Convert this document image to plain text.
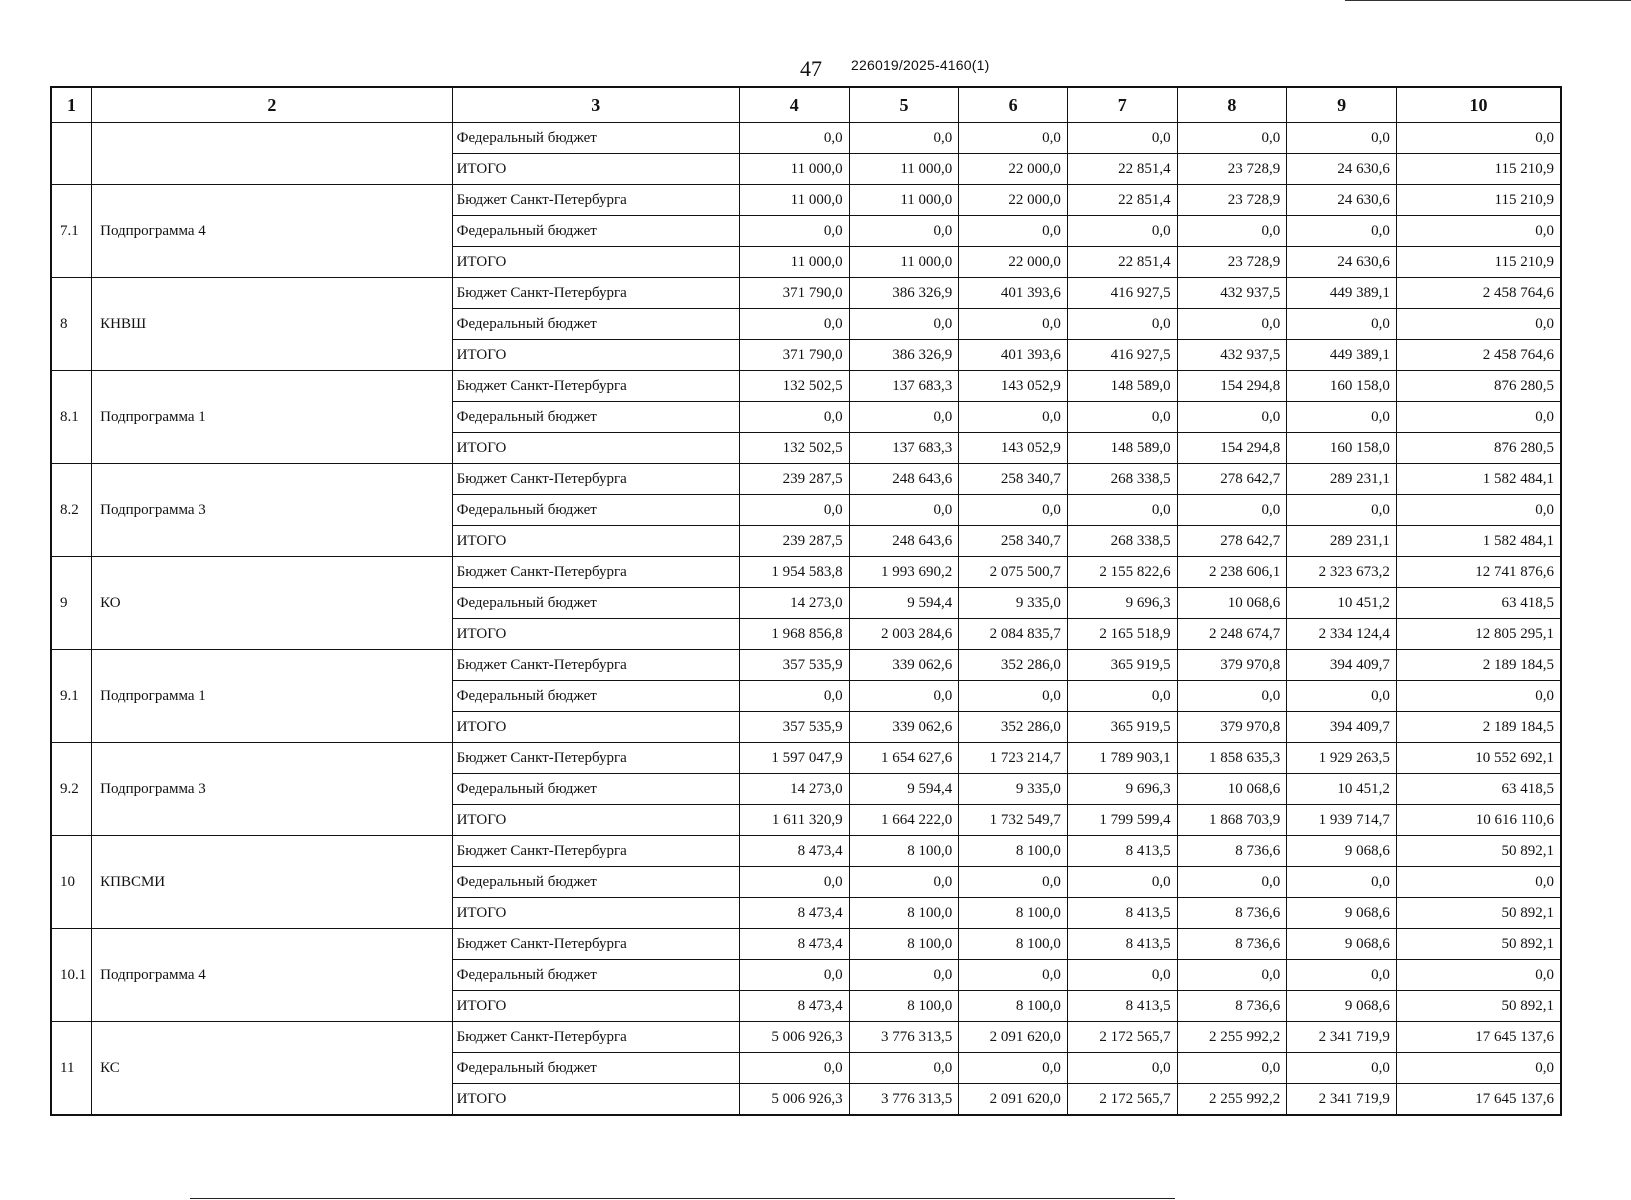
47 226019/2025-4160(1)
1	2	3	4	5	6	7	8	9	10
		Федеральный бюджет	0,0	0,0	0,0	0,0	0,0	0,0	0,0
		ИТОГО	11 000,0	11 000,0	22 000,0	22 851,4	23 728,9	24 630,6	115 210,9
7.1	Подпрограмма 4	Бюджет Санкт-Петербурга	11 000,0	11 000,0	22 000,0	22 851,4	23 728,9	24 630,6	115 210,9
		Федеральный бюджет	0,0	0,0	0,0	0,0	0,0	0,0	0,0
		ИТОГО	11 000,0	11 000,0	22 000,0	22 851,4	23 728,9	24 630,6	115 210,9
8	КНВШ	Бюджет Санкт-Петербурга	371 790,0	386 326,9	401 393,6	416 927,5	432 937,5	449 389,1	2 458 764,6
		Федеральный бюджет	0,0	0,0	0,0	0,0	0,0	0,0	0,0
		ИТОГО	371 790,0	386 326,9	401 393,6	416 927,5	432 937,5	449 389,1	2 458 764,6
8.1	Подпрограмма 1	Бюджет Санкт-Петербурга	132 502,5	137 683,3	143 052,9	148 589,0	154 294,8	160 158,0	876 280,5
		Федеральный бюджет	0,0	0,0	0,0	0,0	0,0	0,0	0,0
		ИТОГО	132 502,5	137 683,3	143 052,9	148 589,0	154 294,8	160 158,0	876 280,5
8.2	Подпрограмма 3	Бюджет Санкт-Петербурга	239 287,5	248 643,6	258 340,7	268 338,5	278 642,7	289 231,1	1 582 484,1
		Федеральный бюджет	0,0	0,0	0,0	0,0	0,0	0,0	0,0
		ИТОГО	239 287,5	248 643,6	258 340,7	268 338,5	278 642,7	289 231,1	1 582 484,1
9	КО	Бюджет Санкт-Петербурга	1 954 583,8	1 993 690,2	2 075 500,7	2 155 822,6	2 238 606,1	2 323 673,2	12 741 876,6
		Федеральный бюджет	14 273,0	9 594,4	9 335,0	9 696,3	10 068,6	10 451,2	63 418,5
		ИТОГО	1 968 856,8	2 003 284,6	2 084 835,7	2 165 518,9	2 248 674,7	2 334 124,4	12 805 295,1
9.1	Подпрограмма 1	Бюджет Санкт-Петербурга	357 535,9	339 062,6	352 286,0	365 919,5	379 970,8	394 409,7	2 189 184,5
		Федеральный бюджет	0,0	0,0	0,0	0,0	0,0	0,0	0,0
		ИТОГО	357 535,9	339 062,6	352 286,0	365 919,5	379 970,8	394 409,7	2 189 184,5
9.2	Подпрограмма 3	Бюджет Санкт-Петербурга	1 597 047,9	1 654 627,6	1 723 214,7	1 789 903,1	1 858 635,3	1 929 263,5	10 552 692,1
		Федеральный бюджет	14 273,0	9 594,4	9 335,0	9 696,3	10 068,6	10 451,2	63 418,5
		ИТОГО	1 611 320,9	1 664 222,0	1 732 549,7	1 799 599,4	1 868 703,9	1 939 714,7	10 616 110,6
10	КПВСМИ	Бюджет Санкт-Петербурга	8 473,4	8 100,0	8 100,0	8 413,5	8 736,6	9 068,6	50 892,1
		Федеральный бюджет	0,0	0,0	0,0	0,0	0,0	0,0	0,0
		ИТОГО	8 473,4	8 100,0	8 100,0	8 413,5	8 736,6	9 068,6	50 892,1
10.1	Подпрограмма 4	Бюджет Санкт-Петербурга	8 473,4	8 100,0	8 100,0	8 413,5	8 736,6	9 068,6	50 892,1
		Федеральный бюджет	0,0	0,0	0,0	0,0	0,0	0,0	0,0
		ИТОГО	8 473,4	8 100,0	8 100,0	8 413,5	8 736,6	9 068,6	50 892,1
11	КС	Бюджет Санкт-Петербурга	5 006 926,3	3 776 313,5	2 091 620,0	2 172 565,7	2 255 992,2	2 341 719,9	17 645 137,6
		Федеральный бюджет	0,0	0,0	0,0	0,0	0,0	0,0	0,0
		ИТОГО	5 006 926,3	3 776 313,5	2 091 620,0	2 172 565,7	2 255 992,2	2 341 719,9	17 645 137,6
